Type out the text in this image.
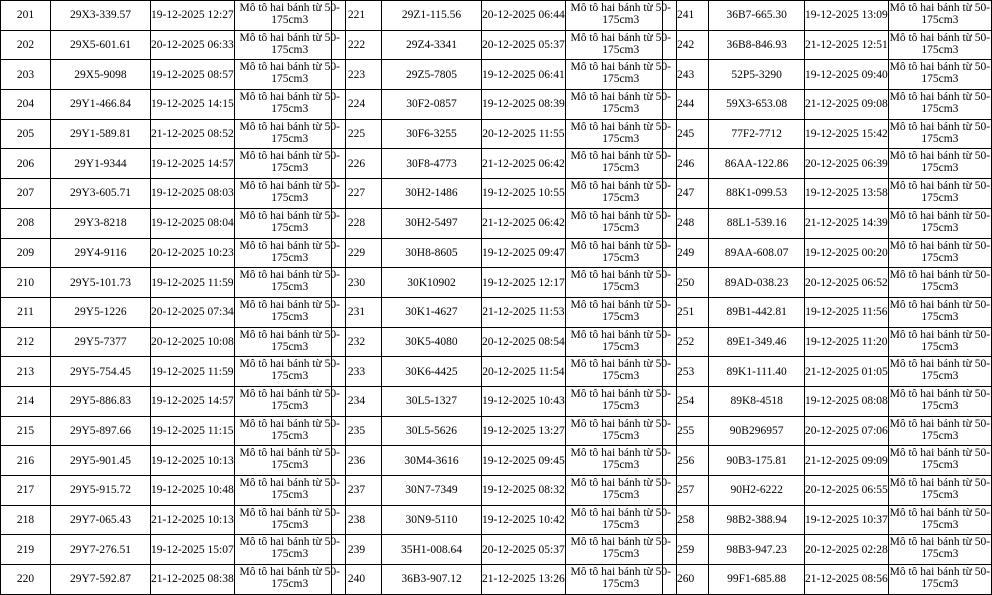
201	29X3-339.57	19-12-2025 12:27	Mô tô hai bánh từ 50-175cm3
202	29X5-601.61	20-12-2025 06:33	Mô tô hai bánh từ 50-175cm3
203	29X5-9098	19-12-2025 08:57	Mô tô hai bánh từ 50-175cm3
204	29Y1-466.84	19-12-2025 14:15	Mô tô hai bánh từ 50-175cm3
205	29Y1-589.81	21-12-2025 08:52	Mô tô hai bánh từ 50-175cm3
206	29Y1-9344	19-12-2025 14:57	Mô tô hai bánh từ 50-175cm3
207	29Y3-605.71	19-12-2025 08:03	Mô tô hai bánh từ 50-175cm3
208	29Y3-8218	19-12-2025 08:04	Mô tô hai bánh từ 50-175cm3
209	29Y4-9116	20-12-2025 10:23	Mô tô hai bánh từ 50-175cm3
210	29Y5-101.73	19-12-2025 11:59	Mô tô hai bánh từ 50-175cm3
211	29Y5-1226	20-12-2025 07:34	Mô tô hai bánh từ 50-175cm3
212	29Y5-7377	20-12-2025 10:08	Mô tô hai bánh từ 50-175cm3
213	29Y5-754.45	19-12-2025 11:59	Mô tô hai bánh từ 50-175cm3
214	29Y5-886.83	19-12-2025 14:57	Mô tô hai bánh từ 50-175cm3
215	29Y5-897.66	19-12-2025 11:15	Mô tô hai bánh từ 50-175cm3
216	29Y5-901.45	19-12-2025 10:13	Mô tô hai bánh từ 50-175cm3
217	29Y5-915.72	19-12-2025 10:48	Mô tô hai bánh từ 50-175cm3
218	29Y7-065.43	21-12-2025 10:13	Mô tô hai bánh từ 50-175cm3
219	29Y7-276.51	19-12-2025 15:07	Mô tô hai bánh từ 50-175cm3
220	29Y7-592.87	21-12-2025 08:38	Mô tô hai bánh từ 50-175cm3
221	29Z1-115.56	20-12-2025 06:44	Mô tô hai bánh từ 50-175cm3
222	29Z4-3341	20-12-2025 05:37	Mô tô hai bánh từ 50-175cm3
223	29Z5-7805	19-12-2025 06:41	Mô tô hai bánh từ 50-175cm3
224	30F2-0857	19-12-2025 08:39	Mô tô hai bánh từ 50-175cm3
225	30F6-3255	20-12-2025 11:55	Mô tô hai bánh từ 50-175cm3
226	30F8-4773	21-12-2025 06:42	Mô tô hai bánh từ 50-175cm3
227	30H2-1486	19-12-2025 10:55	Mô tô hai bánh từ 50-175cm3
228	30H2-5497	21-12-2025 06:42	Mô tô hai bánh từ 50-175cm3
229	30H8-8605	19-12-2025 09:47	Mô tô hai bánh từ 50-175cm3
230	30K10902	19-12-2025 12:17	Mô tô hai bánh từ 50-175cm3
231	30K1-4627	21-12-2025 11:53	Mô tô hai bánh từ 50-175cm3
232	30K5-4080	20-12-2025 08:54	Mô tô hai bánh từ 50-175cm3
233	30K6-4425	20-12-2025 11:54	Mô tô hai bánh từ 50-175cm3
234	30L5-1327	19-12-2025 10:43	Mô tô hai bánh từ 50-175cm3
235	30L5-5626	19-12-2025 13:27	Mô tô hai bánh từ 50-175cm3
236	30M4-3616	19-12-2025 09:45	Mô tô hai bánh từ 50-175cm3
237	30N7-7349	19-12-2025 08:32	Mô tô hai bánh từ 50-175cm3
238	30N9-5110	19-12-2025 10:42	Mô tô hai bánh từ 50-175cm3
239	35H1-008.64	20-12-2025 05:37	Mô tô hai bánh từ 50-175cm3
240	36B3-907.12	21-12-2025 13:26	Mô tô hai bánh từ 50-175cm3
241	36B7-665.30	19-12-2025 13:09	Mô tô hai bánh từ 50-175cm3
242	36B8-846.93	21-12-2025 12:51	Mô tô hai bánh từ 50-175cm3
243	52P5-3290	19-12-2025 09:40	Mô tô hai bánh từ 50-175cm3
244	59X3-653.08	21-12-2025 09:08	Mô tô hai bánh từ 50-175cm3
245	77F2-7712	19-12-2025 15:42	Mô tô hai bánh từ 50-175cm3
246	86AA-122.86	20-12-2025 06:39	Mô tô hai bánh từ 50-175cm3
247	88K1-099.53	19-12-2025 13:58	Mô tô hai bánh từ 50-175cm3
248	88L1-539.16	21-12-2025 14:39	Mô tô hai bánh từ 50-175cm3
249	89AA-608.07	19-12-2025 00:20	Mô tô hai bánh từ 50-175cm3
250	89AD-038.23	20-12-2025 06:52	Mô tô hai bánh từ 50-175cm3
251	89B1-442.81	19-12-2025 11:56	Mô tô hai bánh từ 50-175cm3
252	89E1-349.46	19-12-2025 11:20	Mô tô hai bánh từ 50-175cm3
253	89K1-111.40	21-12-2025 01:05	Mô tô hai bánh từ 50-175cm3
254	89K8-4518	19-12-2025 08:08	Mô tô hai bánh từ 50-175cm3
255	90B296957	20-12-2025 07:06	Mô tô hai bánh từ 50-175cm3
256	90B3-175.81	21-12-2025 09:09	Mô tô hai bánh từ 50-175cm3
257	90H2-6222	20-12-2025 06:55	Mô tô hai bánh từ 50-175cm3
258	98B2-388.94	19-12-2025 10:37	Mô tô hai bánh từ 50-175cm3
259	98B3-947.23	20-12-2025 02:28	Mô tô hai bánh từ 50-175cm3
260	99F1-685.88	21-12-2025 08:56	Mô tô hai bánh từ 50-175cm3
